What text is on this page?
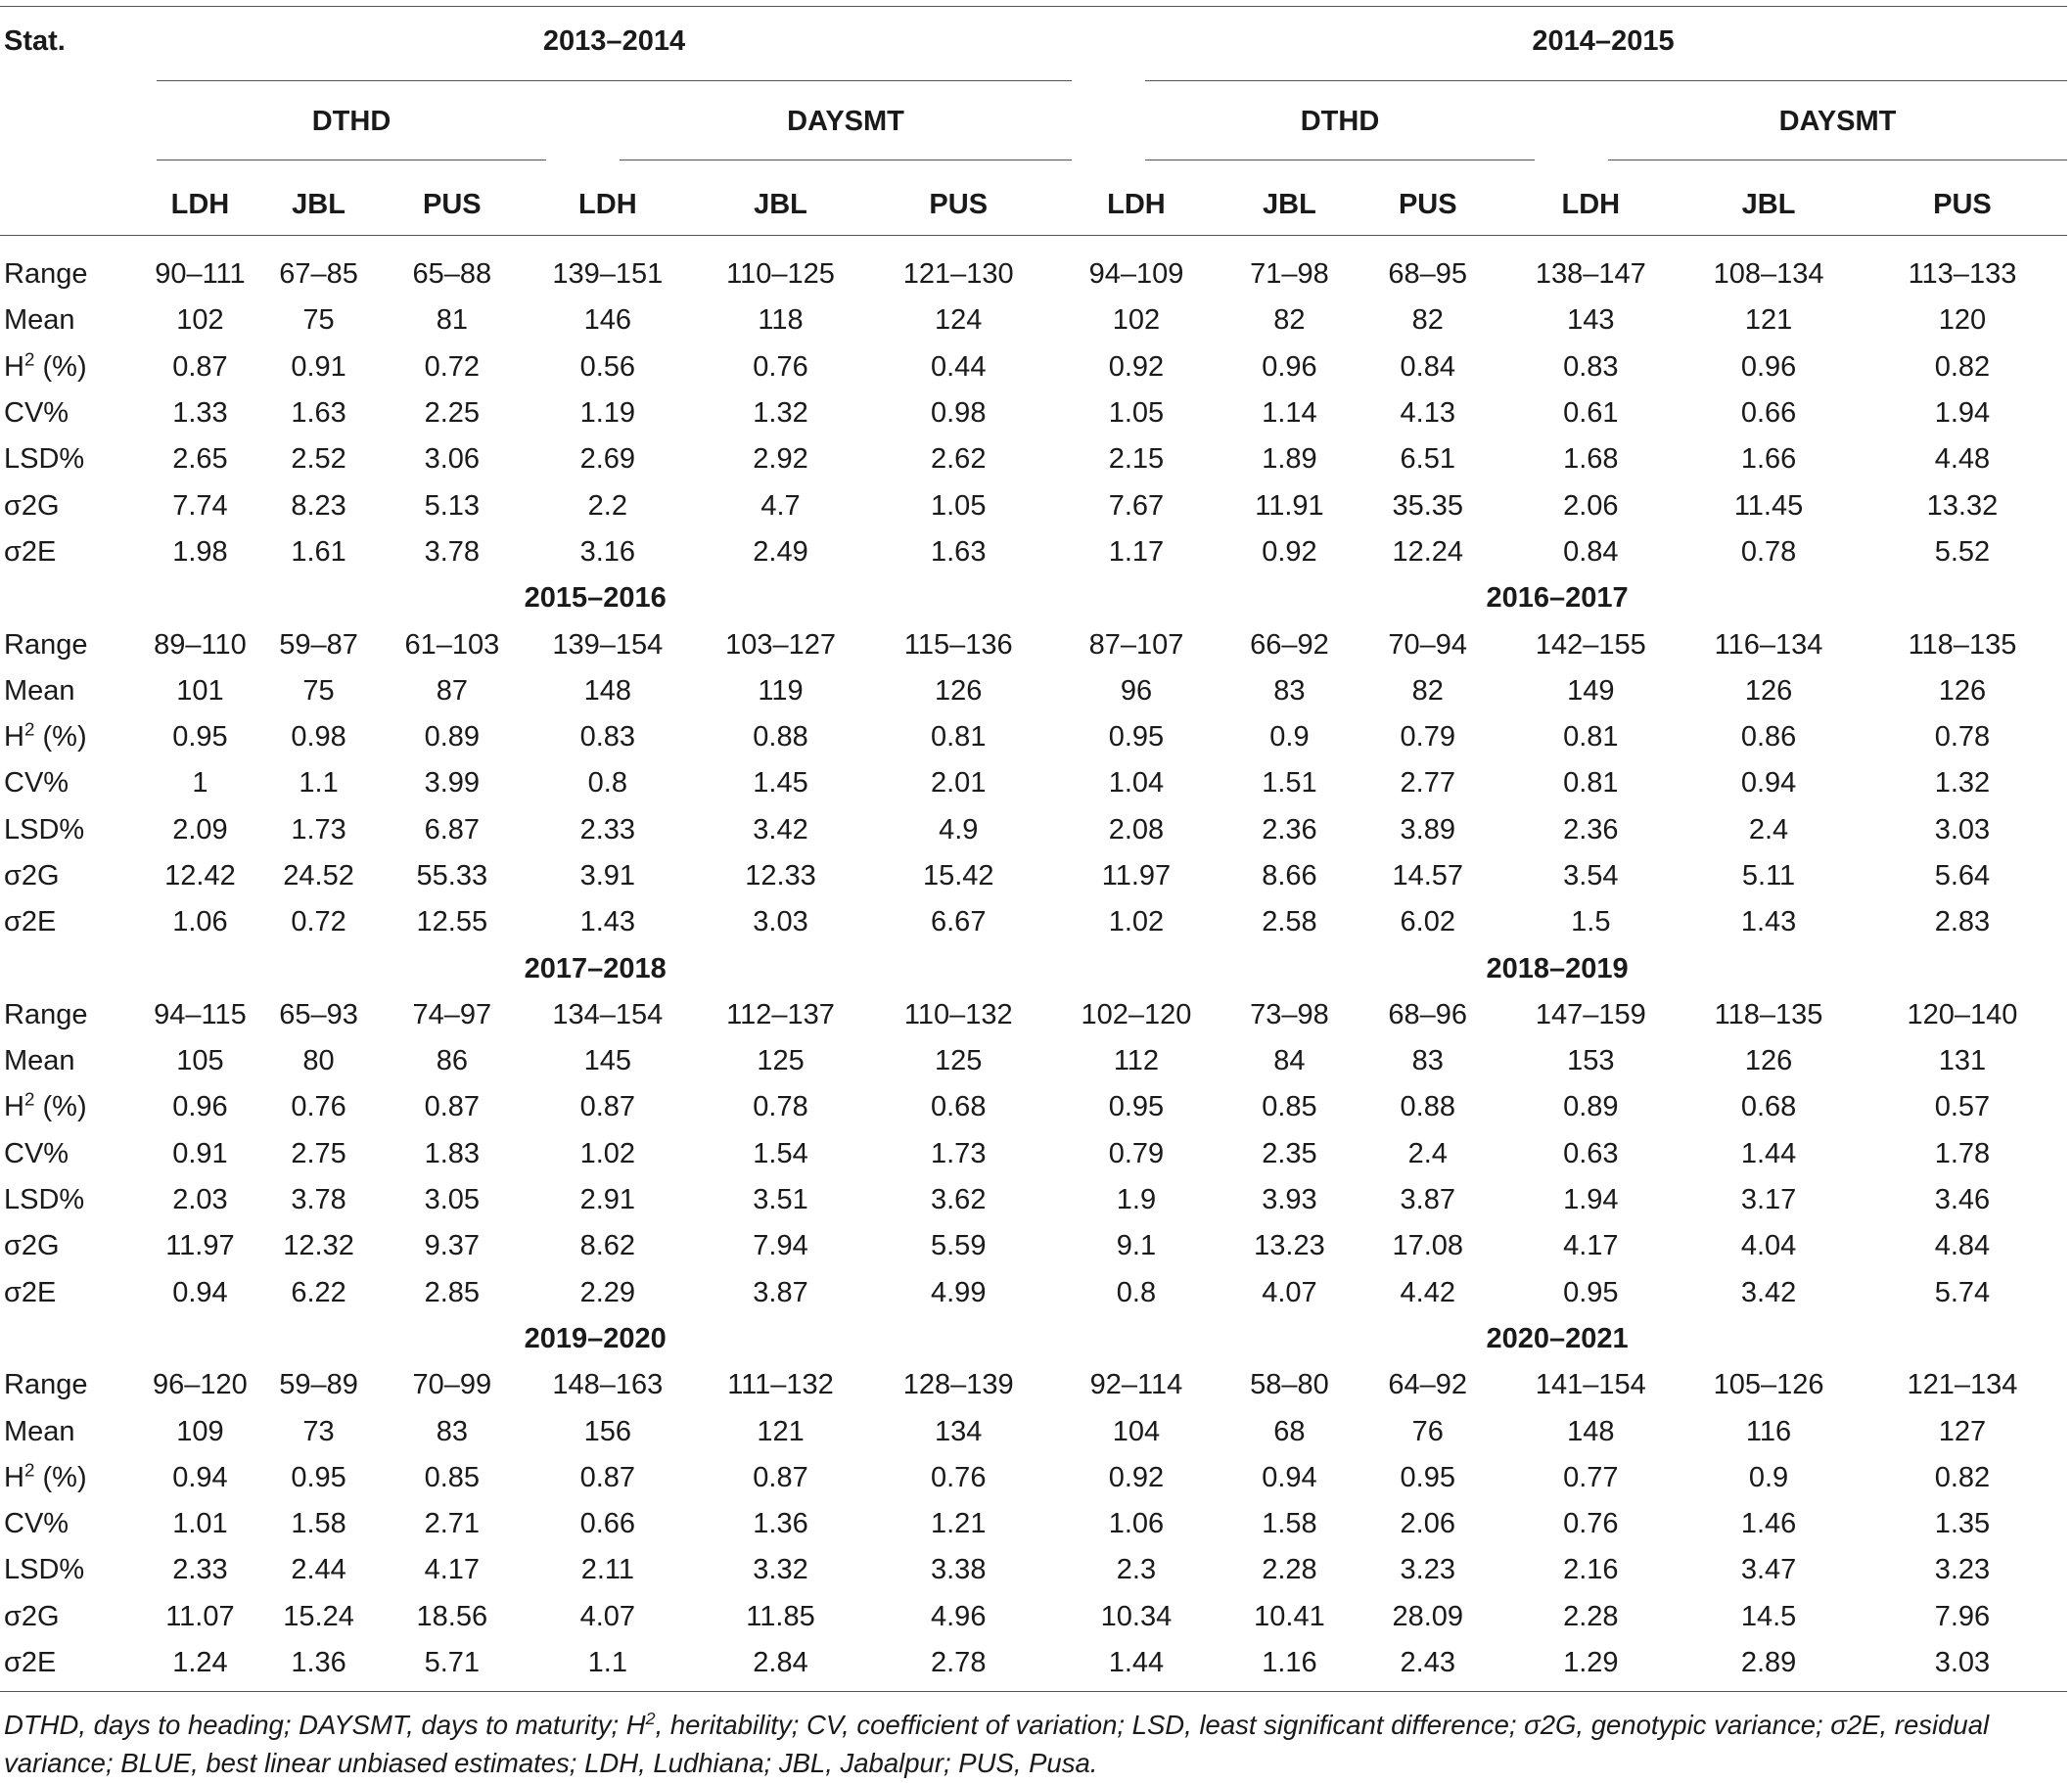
Stat.	2013–2014	2014–2015
DTHD	DAYSMT	DTHD	DAYSMT
	LDH	JBL	PUS	LDH	JBL	PUS	LDH	JBL	PUS	LDH	JBL	PUS
Range	90–111	67–85	65–88	139–151	110–125	121–130	94–109	71–98	68–95	138–147	108–134	113–133
Mean	102	75	81	146	118	124	102	82	82	143	121	120
$H^2$ (%)	0.87	0.91	0.72	0.56	0.76	0.44	0.92	0.96	0.84	0.83	0.96	0.82
CV%	1.33	1.63	2.25	1.19	1.32	0.98	1.05	1.14	4.13	0.61	0.66	1.94
LSD%	2.65	2.52	3.06	2.69	2.92	2.62	2.15	1.89	6.51	1.68	1.66	4.48
σ2G	7.74	8.23	5.13	2.2	4.7	1.05	7.67	11.91	35.35	2.06	11.45	13.32
σ2E	1.98	1.61	3.78	3.16	2.49	1.63	1.17	0.92	12.24	0.84	0.78	5.52
	2015–2016						2016–2017					
Range	89–110	59–87	61–103	139–154	103–127	115–136	87–107	66–92	70–94	142–155	116–134	118–135
Mean	101	75	87	148	119	126	96	83	82	149	126	126
$H^2$ (%)	0.95	0.98	0.89	0.83	0.88	0.81	0.95	0.9	0.79	0.81	0.86	0.78
CV%	1	1.1	3.99	0.8	1.45	2.01	1.04	1.51	2.77	0.81	0.94	1.32
LSD%	2.09	1.73	6.87	2.33	3.42	4.9	2.08	2.36	3.89	2.36	2.4	3.03
σ2G	12.42	24.52	55.33	3.91	12.33	15.42	11.97	8.66	14.57	3.54	5.11	5.64
σ2E	1.06	0.72	12.55	1.43	3.03	6.67	1.02	2.58	6.02	1.5	1.43	2.83
	2017–2018						2018–2019					
Range	94–115	65–93	74–97	134–154	112–137	110–132	102–120	73–98	68–96	147–159	118–135	120–140
Mean	105	80	86	145	125	125	112	84	83	153	126	131
$H^2$ (%)	0.96	0.76	0.87	0.87	0.78	0.68	0.95	0.85	0.88	0.89	0.68	0.57
CV%	0.91	2.75	1.83	1.02	1.54	1.73	0.79	2.35	2.4	0.63	1.44	1.78
LSD%	2.03	3.78	3.05	2.91	3.51	3.62	1.9	3.93	3.87	1.94	3.17	3.46
σ2G	11.97	12.32	9.37	8.62	7.94	5.59	9.1	13.23	17.08	4.17	4.04	4.84
σ2E	0.94	6.22	2.85	2.29	3.87	4.99	0.8	4.07	4.42	0.95	3.42	5.74
	2019–2020						2020–2021					
Range	96–120	59–89	70–99	148–163	111–132	128–139	92–114	58–80	64–92	141–154	105–126	121–134
Mean	109	73	83	156	121	134	104	68	76	148	116	127
$H^2$ (%)	0.94	0.95	0.85	0.87	0.87	0.76	0.92	0.94	0.95	0.77	0.9	0.82
CV%	1.01	1.58	2.71	0.66	1.36	1.21	1.06	1.58	2.06	0.76	1.46	1.35
LSD%	2.33	2.44	4.17	2.11	3.32	3.38	2.3	2.28	3.23	2.16	3.47	3.23
σ2G	11.07	15.24	18.56	4.07	11.85	4.96	10.34	10.41	28.09	2.28	14.5	7.96
σ2E	1.24	1.36	5.71	1.1	2.84	2.78	1.44	1.16	2.43	1.29	2.89	3.03
DTHD, days to heading; DAYSMT, days to maturity; $H^2$, heritability; CV, coefficient of variation; LSD, least significant difference; σ2G, genotypic variance; σ2E, residual variance; BLUE, best linear unbiased estimates; LDH, Ludhiana; JBL, Jabalpur; PUS, Pusa.
